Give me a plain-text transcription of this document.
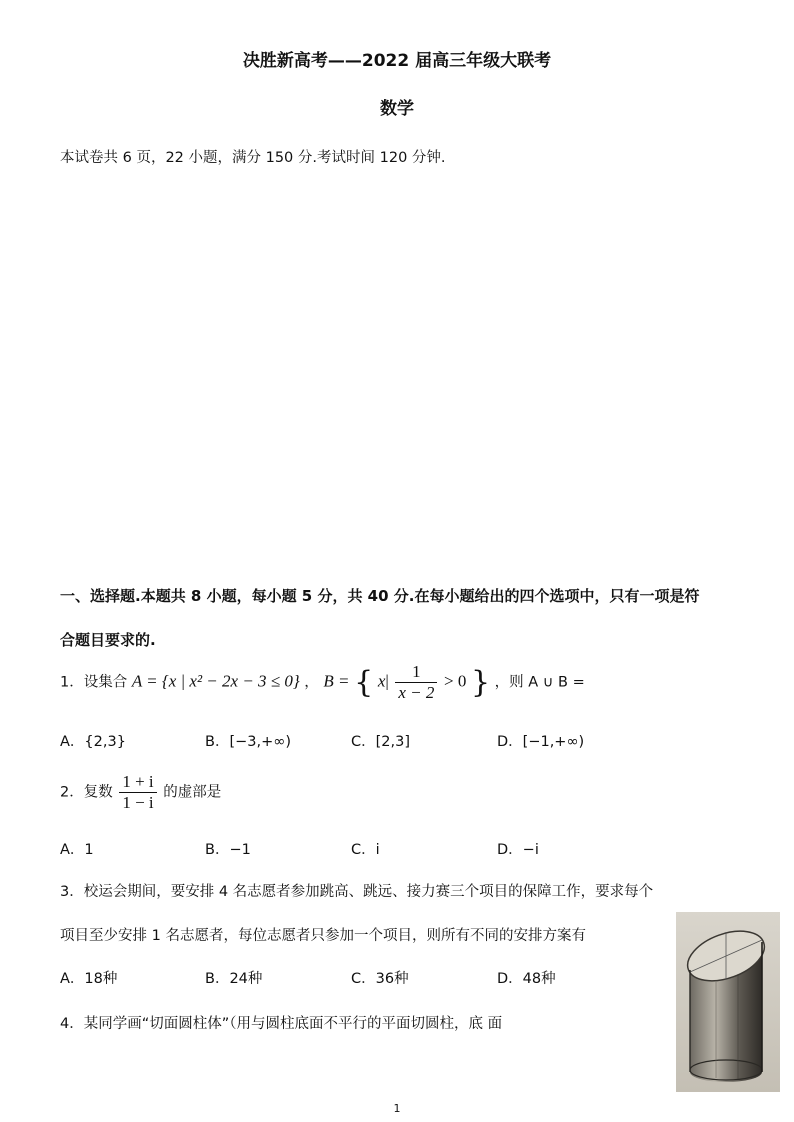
决胜新高考——2022 届高三年级大联考
数学
本试卷共 6 页，22 小题，满分 150 分.考试时间 120 分钟.
一、选择题.本题共 8 小题，每小题 5 分，共 40 分.在每小题给出的四个选项中，只有一项是符
合题目要求的.
1．设集合 A = {x | x² − 2x − 3 ≤ 0} ， B = { $x| \frac{1}{x - 2} > 0$ } ，则 A ∪ B =
A．{2,3}	B．[−3,+∞)	C．[2,3]	D．[−1,+∞)
2．复数 $\frac{1 + i}{1 - i}$ 的虚部是
A．1	B．−1	C．i	D．−i
3．校运会期间，要安排 4 名志愿者参加跳高、跳远、接力赛三个项目的保障工作，要求每个
项目至少安排 1 名志愿者，每位志愿者只参加一个项目，则所有不同的安排方案有
A．18种	B．24种	C．36种	D．48种
4．某同学画“切面圆柱体”（用与圆柱底面不平行的平面切圆柱，底 面
1
